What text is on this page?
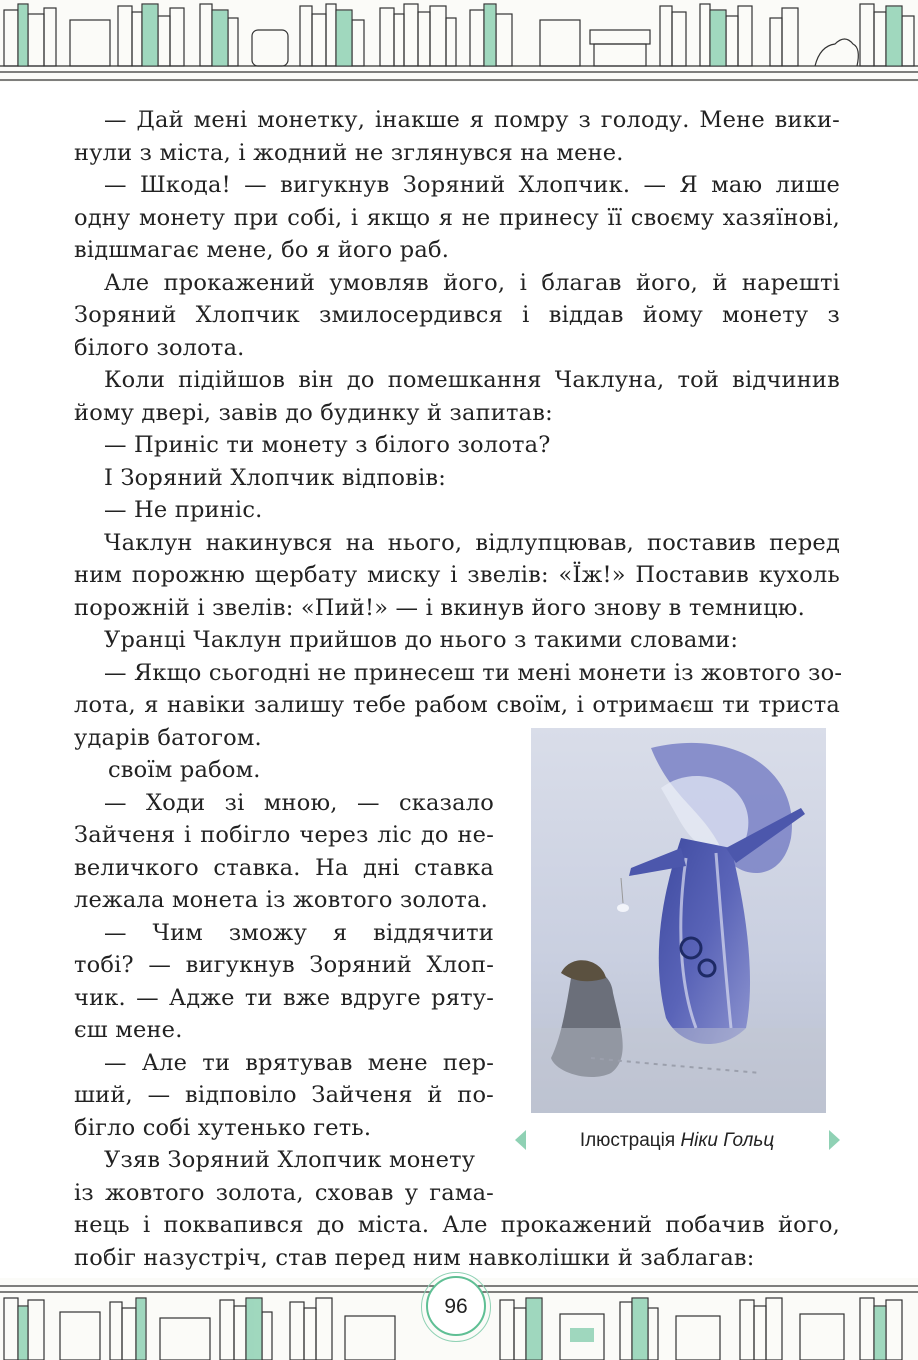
— Дай мені монетку, інакше я помру з голоду. Мене вики-
нули з міста, і жодний не зглянувся на мене.

— Шкода! — вигукнув Зоряний Хлопчик. — Я маю лише
одну монету при собі, і якщо я не принесу її своєму хазяїнові,
відшмагає мене, бо я його раб.

Але прокажений умовляв його, і благав його, й нарешті
Зоряний Хлопчик змилосердився і віддав йому монету з
білого золота.

Коли підійшов він до помешкання Чаклуна, той відчинив
йому двері, завів до будинку й запитав:

— Приніс ти монету з білого золота?

І Зоряний Хлопчик відповів:

— Не приніс.

Чаклун накинувся на нього, відлупцював, поставив перед
ним порожню щербату миску і звелів: «Їж!» Поставив кухоль
порожній і звелів: «Пий!» — і вкинув його знову в темницю.

Уранці Чаклун прийшов до нього з такими словами:

— Якщо сьогодні не принесеш ти мені монети із жовтого зо-
лота, я навіки залишу тебе рабом своїм, і отримаєш ти триста
ударів батогом.

своїм рабом.

— Ходи зі мною, — сказало
Зайченя і побігло через ліс до не-
величкого ставка. На дні ставка
лежала монета із жовтого золота.

— Чим зможу я віддячити
тобі? — вигукнув Зоряний Хлоп-
чик. — Адже ти вже вдруге ряту-
єш мене.

— Але ти врятував мене пер-
ший, — відповіло Зайченя й по-
бігло собі хутенько геть.

Узяв Зоряний Хлопчик монету
із жовтого золота, сховав у гама-
нець і поквапився до міста. Але прокажений побачив його,
побіг назустріч, став перед ним навколішки й заблагав:

Ілюстрація Ніки Гольц
96
